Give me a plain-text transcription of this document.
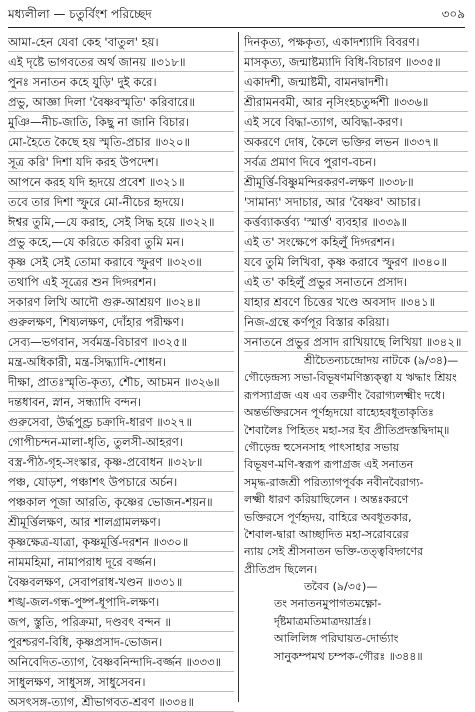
মধ্যলীলা — চতুর্বিংশ পরিচ্ছেদ	৩০৯
আমা-হেন যেবা কেহ 'বাতুল' হয়।
এই দৃষ্টে ভাগবতের অর্থ জানয় ॥৩১৮॥
পুনঃ সনাতন কহে যুড়ি' দুই করে।
প্রভু, আজ্ঞা দিলা 'বৈষ্ণবস্মৃতি' করিবারে॥
মুঞি—নীচ-জাতি, কিছু না জানি বিচার।
মো-হৈতে কৈছে হয় স্মৃতি-প্রচার ॥৩২০॥
সূত্র করি' দিশা যদি করহ উপদেশ।
আপনে করহ যদি হৃদয়ে প্রবেশ ॥৩২১॥
তবে তার দিশা স্ফুরে মো-নীচের হৃদয়ে।
ঈশ্বর তুমি,—যে করাহ, সেই সিদ্ধ হয়ে ॥৩২২॥
প্রভু কহে,—যে করিতে করিবা তুমি মন।
কৃষ্ণ সেই সেই তোমা করাবে স্ফুরণ ॥৩২৩॥
তথাপি এই সূত্রের শুন দিগ্দরশন।
সকারণ লিখি আদৌ গুরু-আশ্রয়ণ ॥৩২৪॥
গুরুলক্ষণ, শিষ্যলক্ষণ, দোঁহার পরীক্ষণ।
সেব্য—ভগবান, সর্বমন্ত্র-বিচারণ ॥৩২৫॥
মন্ত্র-অধিকারী, মন্ত্র-সিদ্ধ্যাদি-শোধন।
দীক্ষা, প্রাতঃস্মৃতি-কৃত্য, শৌচ, আচমন ॥৩২৬॥
দন্তধাবন, স্নান, সন্ধ্যাদি বন্দন।
গুরুসেবা, উর্দ্ধপুণ্ড্র চক্রাদি-ধারণ ॥৩২৭॥
গোপীচন্দন-মালা-ধৃতি, তুলসী-আহরণ।
বস্ত্র-পীঠ-গৃহ-সংস্কার, কৃষ্ণ-প্রবোধন ॥৩২৮॥
পঞ্চ, যোড়শ, পঞ্চাশৎ উপচারে অর্চন।
পঞ্চকাল পূজা আরতি, কৃষ্ণের ভোজন-শয়ন॥
শ্রীমূর্ত্তিলক্ষণ, আর শালগ্রামলক্ষণ।
কৃষ্ণক্ষেত্র-যাত্রা, কৃষ্ণমূর্ত্তি-দরশন ॥৩৩০॥
নামমহিমা, নামাপরাধ দূরে বর্জ্জন।
বৈষ্ণবলক্ষণ, সেবাপরাধ-খণ্ডন ॥৩৩১॥
শঙ্খ-জল-গন্ধ-পুষ্প-ধূপাদি-লক্ষণ।
জপ, স্তুতি, পরিক্রমা, দণ্ডবৎ বন্দন ॥
পুরশ্চরণ-বিধি, কৃষ্ণপ্রসাদ-ভোজন।
অনিবেদিত-ত্যাগ, বৈষ্ণবনিন্দাদি-বর্জ্জন ॥৩৩৩॥
সাধুলক্ষণ, সাধুসঙ্গ, সাধুসেবন।
অসৎসঙ্গ-ত্যাগ, শ্রীভাগবত-শ্রবণ ॥৩৩৪॥
দিনকৃত্য, পক্ষকৃত্য, একাদশ্যাদি বিবরণ।
মাসকৃত্য, জন্মাষ্টম্যাদি বিধি-বিচারণ ॥৩৩৫॥
একাদশী, জন্মাষ্টমী, বামনদ্বাদশী।
শ্রীরামনবমী, আর নৃসিংহচতুর্দ্দশী ॥৩৩৬॥
এই সবে বিদ্ধা-ত্যাগ, অবিদ্ধা-করণ।
অকরণে দোষ, কৈলে ভক্তির লভন ॥৩৩৭॥
সর্বত্র প্রমাণ দিবে পুরাণ-বচন।
শ্রীমূর্ত্তি-বিষ্ণুমন্দিরকরণ-লক্ষণ ॥৩৩৮॥
'সামান্য' সদাচার, আর 'বৈষ্ণব' আচার।
কর্ত্তব্যাকর্ত্তব্য 'স্মার্ত্ত' ব্যবহার ॥৩৩৯॥
এই ত' সংক্ষেপে কহিলুঁ দিগ্দরশন।
যবে তুমি লিখিবা, কৃষ্ণ করাবে স্ফুরণ ॥৩৪০॥
এই ত' কহিলুঁ প্রভুর সনাতনে প্রসাদ।
যাহার শ্রবণে চিত্তের খণ্ডে অবসাদ ॥৩৪১॥
নিজ-গ্রন্থে কর্ণপূর বিস্তার করিয়া।
সনাতনে প্রভুর প্রসাদ রাখিয়াছে লিখিয়া ॥৩৪২॥
শ্রীচৈতন্যচন্দ্রোদয় নাটকে (৯/৩৪)—
গৌড়েন্দ্রস্য সভা-বিভূষণমণিস্ত্যক্ত্বা য ঋদ্ধাং শ্রিয়ং
রূপস্যাগ্রজ এষ এব তরুণীং বৈরাগ্যলক্ষ্মীং দধে।
অন্তর্ভক্তিরসেন পূর্ণহৃদয়ো বাহ্যেহবধূতাকৃতিঃ
শৈবালৈঃ পিহিতং মহা-সর ইব প্রীতিপ্রদস্তদ্বিদাম্॥
গৌড়েন্দ্র হুসেনসাহ পাৎসাহার সভায়
বিভূষণ-মণি-স্বরূপ রূপাগ্রজ এই সনাতন
সমৃদ্ধ-রাজশ্রী পরিত্যাগপূর্বক নবীনবৈরাগ্য-
লক্ষ্মী ধারণ করিয়াছিলেন । অন্তঃকরণে
ভক্তিরসে পূর্ণহৃদয়, বাহিরে অবধূতকার,
শৈবাল-দ্বারা আচ্ছাদিত মহা-সরোবরের
ন্যায় সেই শ্রীসনাতন ভক্তি-তত্ত্ববিদ্গণের
প্রীতিপ্রদ ছিলেন।
তবৈব (৯/৩৫)—
তং সনাতনমুপাগতমক্ষ্ণো-
র্দৃষ্টমাত্রমতিমাত্রদয়ার্দ্রঃ।
আলিলিঙ্গ পরিঘায়ত-দোর্ভ্যাং
সানুকম্পমথ চম্পক-গৌরঃ ॥৩৪৪॥
